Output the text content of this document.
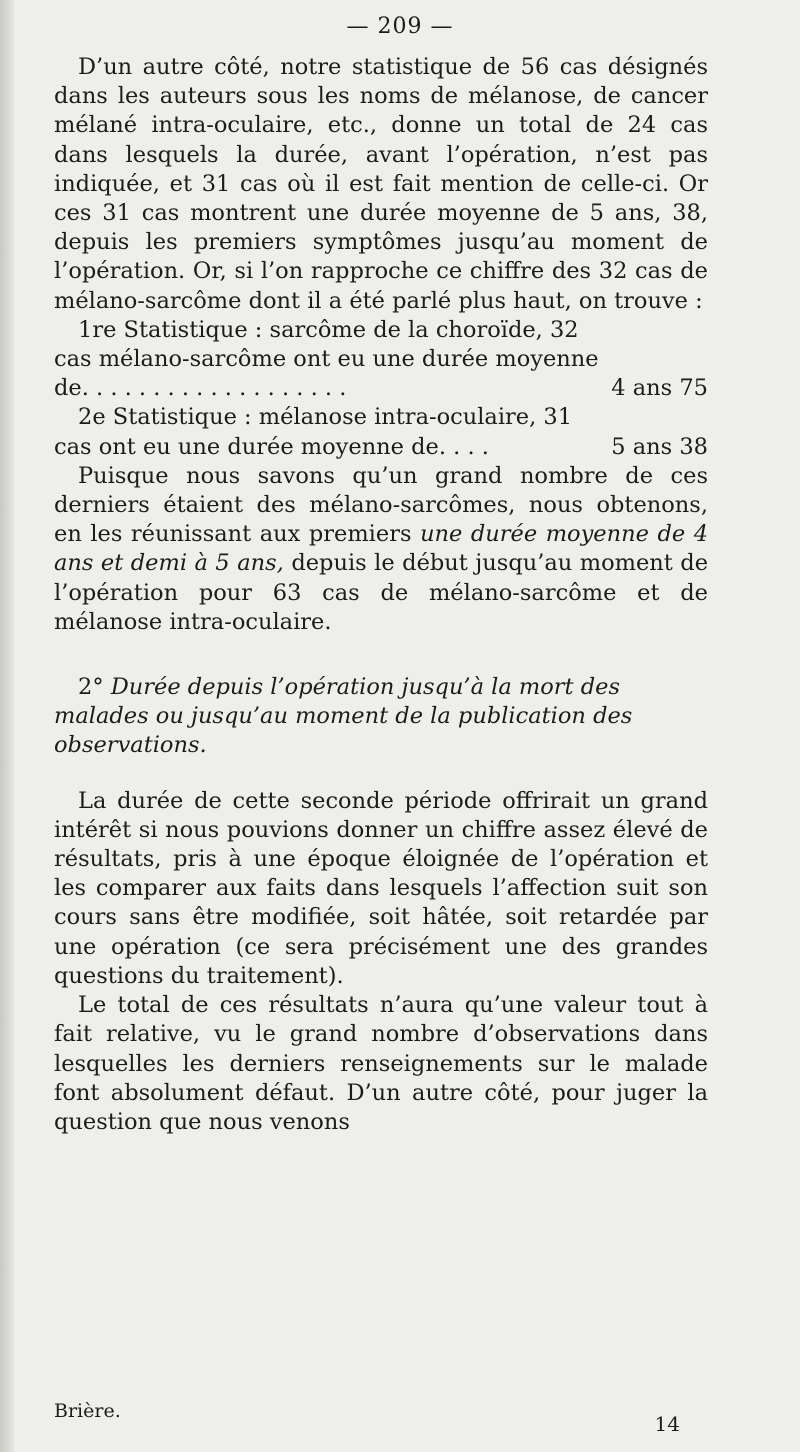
— 209 —

D’un autre côté, notre statistique de 56 cas désignés dans les auteurs sous les noms de mélanose, de cancer mélané intra-oculaire, etc., donne un total de 24 cas dans lesquels la durée, avant l’opération, n’est pas indiquée, et 31 cas où il est fait mention de celle-ci. Or ces 31 cas montrent une durée moyenne de 5 ans, 38, depuis les premiers symptômes jusqu’au moment de l’opération. Or, si l’on rapproche ce chiffre des 32 cas de mélano-sarcôme dont il a été parlé plus haut, on trouve :

1re Statistique : sarcôme de la choroïde, 32

cas mélano-sarcôme ont eu une durée moyenne

de. . . . . . . . . . . . . . . . . . .	4 ans 75

2e Statistique : mélanose intra-oculaire, 31

cas ont eu une durée moyenne de. . . .	5 ans 38

Puisque nous savons qu’un grand nombre de ces derniers étaient des mélano-sarcômes, nous obtenons, en les réunissant aux premiers une durée moyenne de 4 ans et demi à 5 ans, depuis le début jusqu’au moment de l’opération pour 63 cas de mélano-sarcôme et de mélanose intra-oculaire.

2° Durée depuis l’opération jusqu’à la mort des malades ou jusqu’au moment de la publication des observations.

La durée de cette seconde période offrirait un grand intérêt si nous pouvions donner un chiffre assez élevé de résultats, pris à une époque éloignée de l’opération et les comparer aux faits dans lesquels l’affection suit son cours sans être modifiée, soit hâtée, soit retardée par une opération (ce sera précisément une des grandes questions du traitement).

Le total de ces résultats n’aura qu’une valeur tout à fait relative, vu le grand nombre d’observations dans lesquelles les derniers renseignements sur le malade font absolument défaut. D’un autre côté, pour juger la question que nous venons

Brière.
14
